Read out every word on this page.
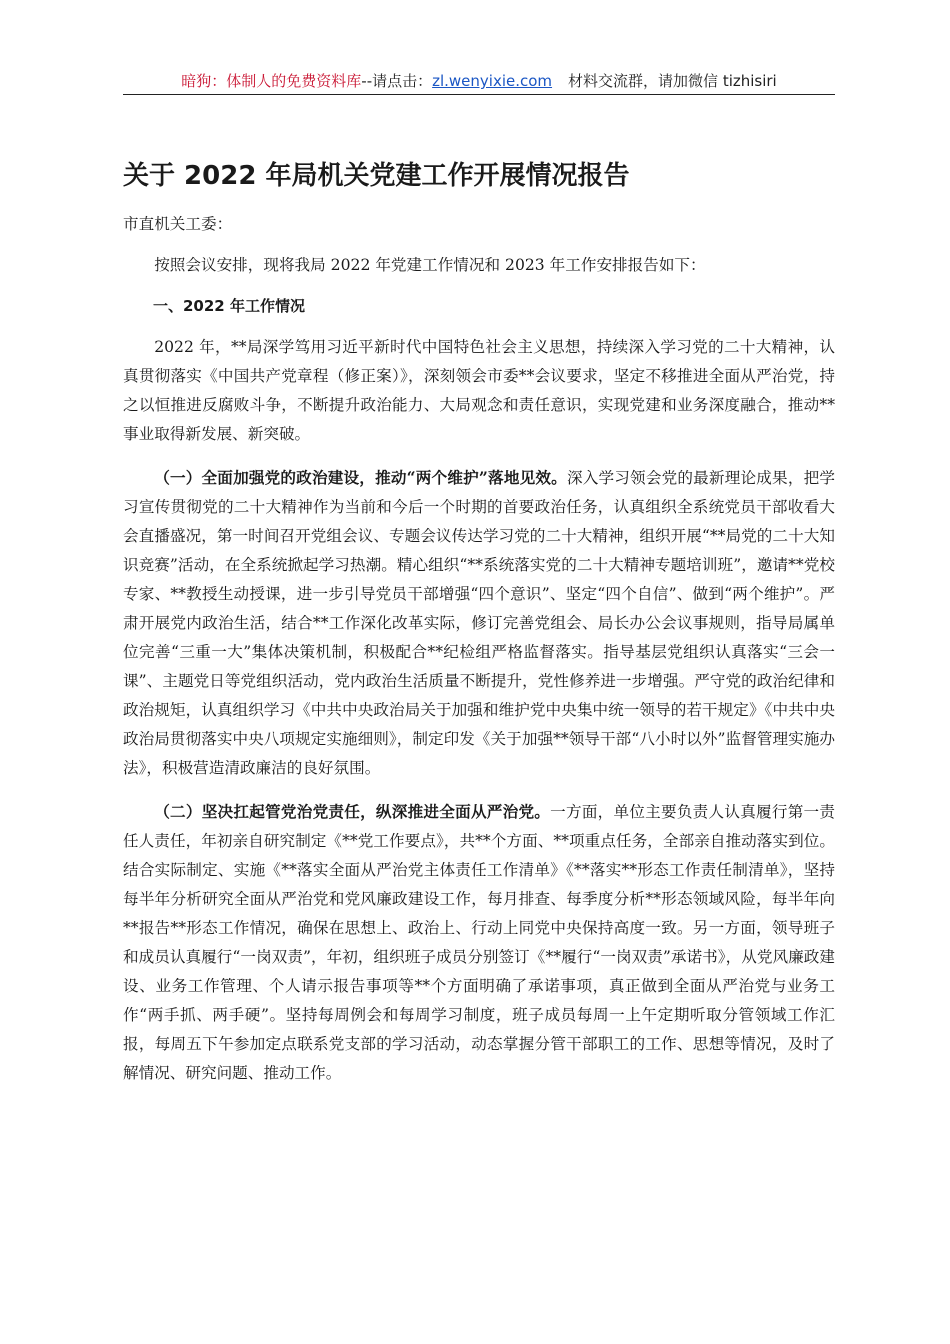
暗狗：体制人的免费资料库--请点击：zl.wenyixie.com 材料交流群，请加微信 tizhisiri
关于 2022 年局机关党建工作开展情况报告

市直机关工委：

按照会议安排，现将我局 2022 年党建工作情况和 2023 年工作安排报告如下：

一、2022 年工作情况

2022 年，**局深学笃用习近平新时代中国特色社会主义思想，持续深入学习党的二十大精神，认真贯彻落实《中国共产党章程（修正案）》，深刻领会市委**会议要求，坚定不移推进全面从严治党，持之以恒推进反腐败斗争，不断提升政治能力、大局观念和责任意识，实现党建和业务深度融合，推动**事业取得新发展、新突破。

（一）全面加强党的政治建设，推动“两个维护”落地见效。深入学习领会党的最新理论成果，把学习宣传贯彻党的二十大精神作为当前和今后一个时期的首要政治任务，认真组织全系统党员干部收看大会直播盛况，第一时间召开党组会议、专题会议传达学习党的二十大精神，组织开展“**局党的二十大知识竞赛”活动，在全系统掀起学习热潮。精心组织“**系统落实党的二十大精神专题培训班”，邀请**党校专家、**教授生动授课，进一步引导党员干部增强“四个意识”、坚定“四个自信”、做到“两个维护”。严肃开展党内政治生活，结合**工作深化改革实际，修订完善党组会、局长办公会议事规则，指导局属单位完善“三重一大”集体决策机制，积极配合**纪检组严格监督落实。指导基层党组织认真落实“三会一课”、主题党日等党组织活动，党内政治生活质量不断提升，党性修养进一步增强。严守党的政治纪律和政治规矩，认真组织学习《中共中央政治局关于加强和维护党中央集中统一领导的若干规定》《中共中央政治局贯彻落实中央八项规定实施细则》，制定印发《关于加强**领导干部“八小时以外”监督管理实施办法》，积极营造清政廉洁的良好氛围。

（二）坚决扛起管党治党责任，纵深推进全面从严治党。一方面，单位主要负责人认真履行第一责任人责任，年初亲自研究制定《**党工作要点》，共**个方面、**项重点任务，全部亲自推动落实到位。结合实际制定、实施《**落实全面从严治党主体责任工作清单》《**落实**形态工作责任制清单》，坚持每半年分析研究全面从严治党和党风廉政建设工作，每月排查、每季度分析**形态领域风险，每半年向**报告**形态工作情况，确保在思想上、政治上、行动上同党中央保持高度一致。另一方面，领导班子和成员认真履行“一岗双责”，年初，组织班子成员分别签订《**履行“一岗双责”承诺书》，从党风廉政建设、业务工作管理、个人请示报告事项等**个方面明确了承诺事项，真正做到全面从严治党与业务工作“两手抓、两手硬”。坚持每周例会和每周学习制度，班子成员每周一上午定期听取分管领域工作汇报，每周五下午参加定点联系党支部的学习活动，动态掌握分管干部职工的工作、思想等情况，及时了解情况、研究问题、推动工作。
